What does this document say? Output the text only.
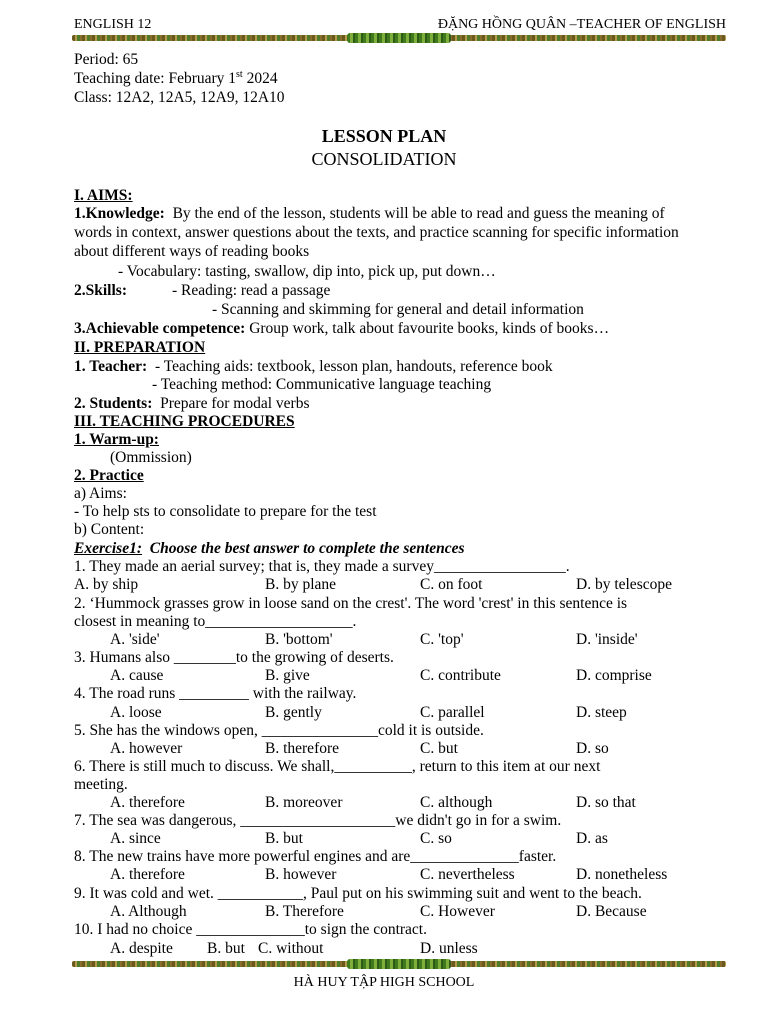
ENGLISH 12	ĐẶNG HỒNG QUÂN –TEACHER OF ENGLISH
Period: 65
Teaching date: February 1st 2024
Class: 12A2, 12A5, 12A9, 12A10
LESSON PLAN
CONSOLIDATION
I. AIMS:
1.Knowledge: By the end of the lesson, students will be able to read and guess the meaning of
words in context, answer questions about the texts, and practice scanning for specific information
about different ways of reading books
- Vocabulary: tasting, swallow, dip into, pick up, put down…
2.Skills:	- Reading: read a passage
- Scanning and skimming for general and detail information
3.Achievable competence: Group work, talk about favourite books, kinds of books…
II. PREPARATION
1. Teacher: - Teaching aids: textbook, lesson plan, handouts, reference book
- Teaching method: Communicative language teaching
2. Students: Prepare for modal verbs
III. TEACHING PROCEDURES
1. Warm-up:
(Ommission)
2. Practice
a) Aims:
- To help sts to consolidate to prepare for the test
b) Content:
Exercise1: Choose the best answer to complete the sentences
1. They made an aerial survey; that is, they made a survey_________________.
A. by ship	B. by plane	C. on foot	D. by telescope
2. ‘Hummock grasses grow in loose sand on the crest'. The word 'crest' in this sentence is
closest in meaning to___________________.
A. 'side'	B. 'bottom'	C. 'top'	D. 'inside'
3. Humans also ________to the growing of deserts.
A. cause	B. give	C. contribute	D. comprise
4. The road runs _________ with the railway.
A. loose	B. gently	C. parallel	D. steep
5. She has the windows open, _______________cold it is outside.
A. however	B. therefore	C. but	D. so
6. There is still much to discuss. We shall,__________, return to this item at our next
meeting.
A. therefore	B. moreover	C. although	D. so that
7. The sea was dangerous, ____________________we didn't go in for a swim.
A. since	B. but	C. so	D. as
8. The new trains have more powerful engines and are______________faster.
A. therefore	B. however	C. nevertheless	D. nonetheless
9. It was cold and wet. ___________, Paul put on his swimming suit and went to the beach.
A. Although	B. Therefore	C. However	D. Because
10. I had no choice ______________to sign the contract.
A. despite B. but C. without	D. unless
HÀ HUY TẬP HIGH SCHOOL
